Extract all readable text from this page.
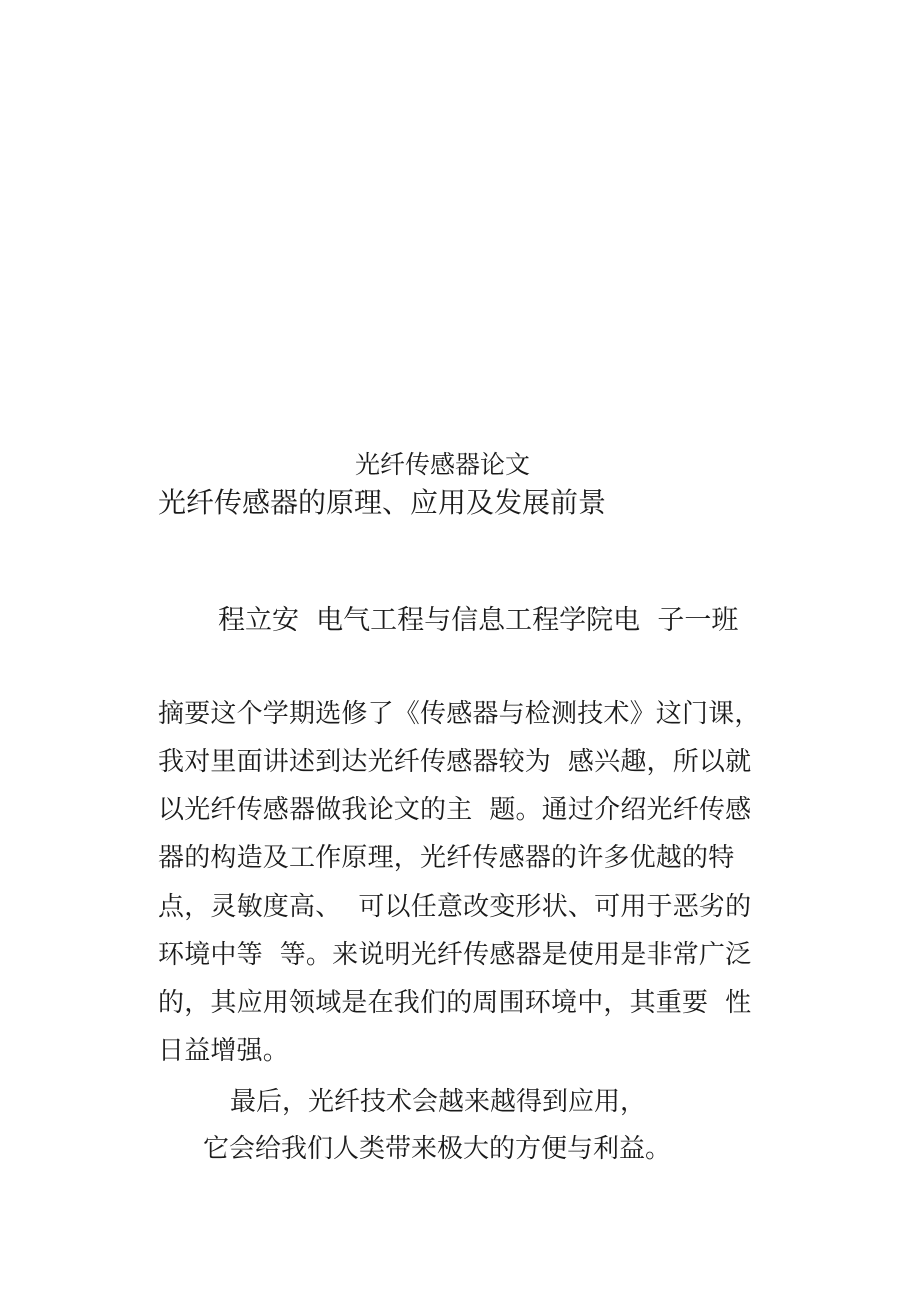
光纤传感器论文
光纤传感器的原理、应用及发展前景
程立安  电气工程与信息工程学院电  子一班
摘要这个学期选修了《传感器与检测技术》这门课，
我对里面讲述到达光纤传感器较为  感兴趣，所以就
以光纤传感器做我论文的主  题。通过介绍光纤传感
器的构造及工作原理，光纤传感器的许多优越的特
点，灵敏度高、  可以任意改变形状、可用于恶劣的
环境中等  等。来说明光纤传感器是使用是非常广泛
的，其应用领域是在我们的周围环境中，其重要  性
日益增强。
最后，光纤技术会越来越得到应用，
它会给我们人类带来极大的方便与利益。
